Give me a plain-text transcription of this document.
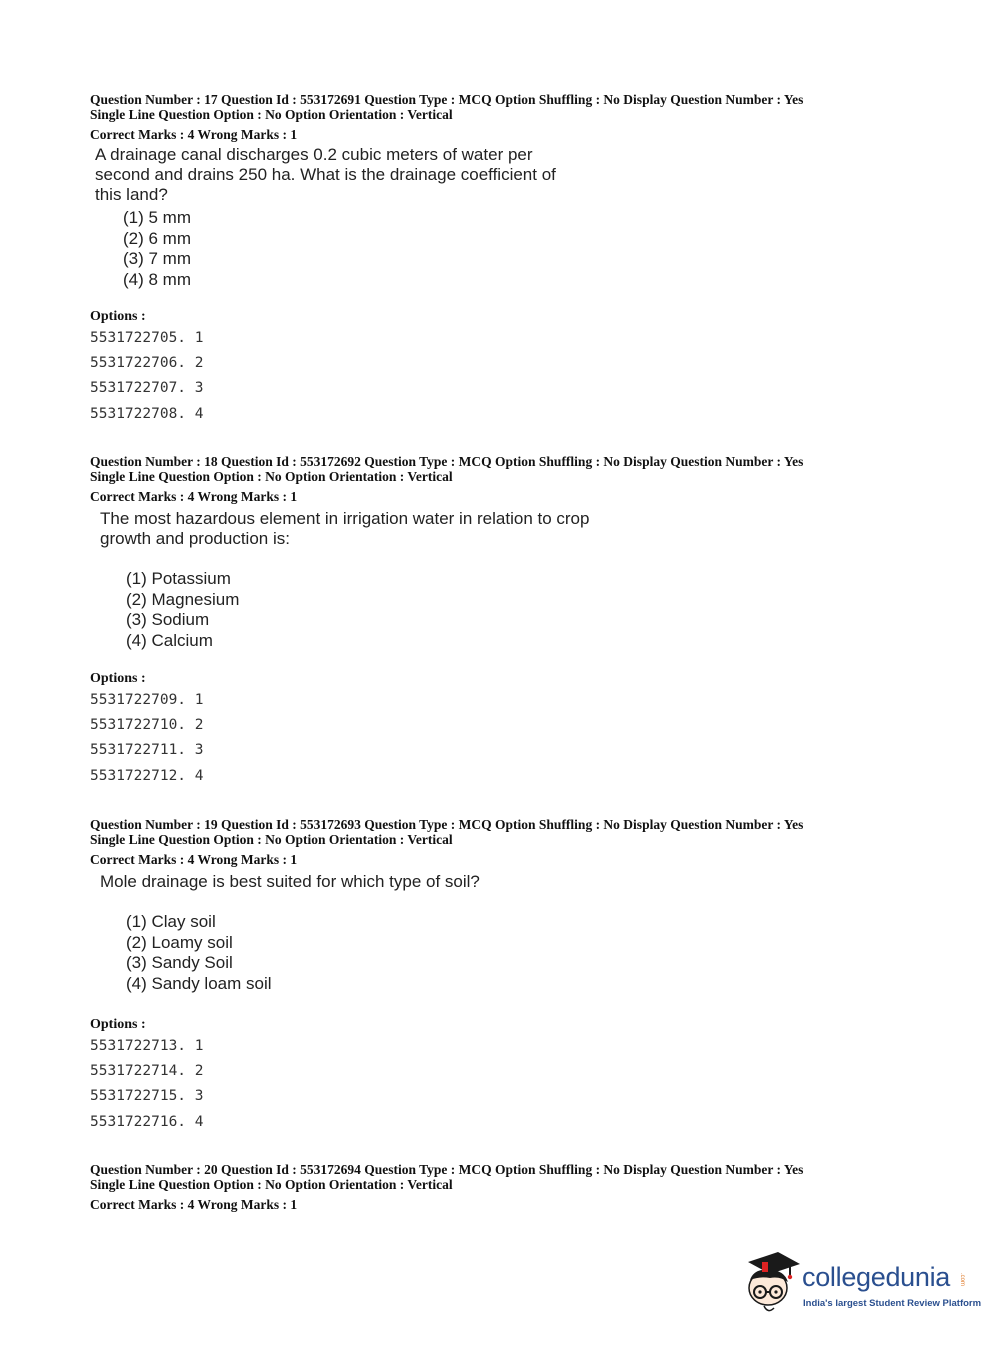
Question Number : 17 Question Id : 553172691 Question Type : MCQ Option Shuffling : No Display Question Number : Yes
Single Line Question Option : No Option Orientation : Vertical
Correct Marks : 4 Wrong Marks : 1
A drainage canal discharges 0.2 cubic meters of water per
second and drains 250 ha. What is the drainage coefficient of
this land?
(1) 5 mm
(2) 6 mm
(3) 7 mm
(4) 8 mm
Options :
5531722705. 1
5531722706. 2
5531722707. 3
5531722708. 4
Question Number : 18 Question Id : 553172692 Question Type : MCQ Option Shuffling : No Display Question Number : Yes
Single Line Question Option : No Option Orientation : Vertical
Correct Marks : 4 Wrong Marks : 1
The most hazardous element in irrigation water in relation to crop
growth and production is:
(1) Potassium
(2) Magnesium
(3) Sodium
(4) Calcium
Options :
5531722709. 1
5531722710. 2
5531722711. 3
5531722712. 4
Question Number : 19 Question Id : 553172693 Question Type : MCQ Option Shuffling : No Display Question Number : Yes
Single Line Question Option : No Option Orientation : Vertical
Correct Marks : 4 Wrong Marks : 1
Mole drainage is best suited for which type of soil?
(1) Clay soil
(2) Loamy soil
(3) Sandy Soil
(4) Sandy loam soil
Options :
5531722713. 1
5531722714. 2
5531722715. 3
5531722716. 4
Question Number : 20 Question Id : 553172694 Question Type : MCQ Option Shuffling : No Display Question Number : Yes
Single Line Question Option : No Option Orientation : Vertical
Correct Marks : 4 Wrong Marks : 1
collegedunia .com
India's largest Student Review Platform
